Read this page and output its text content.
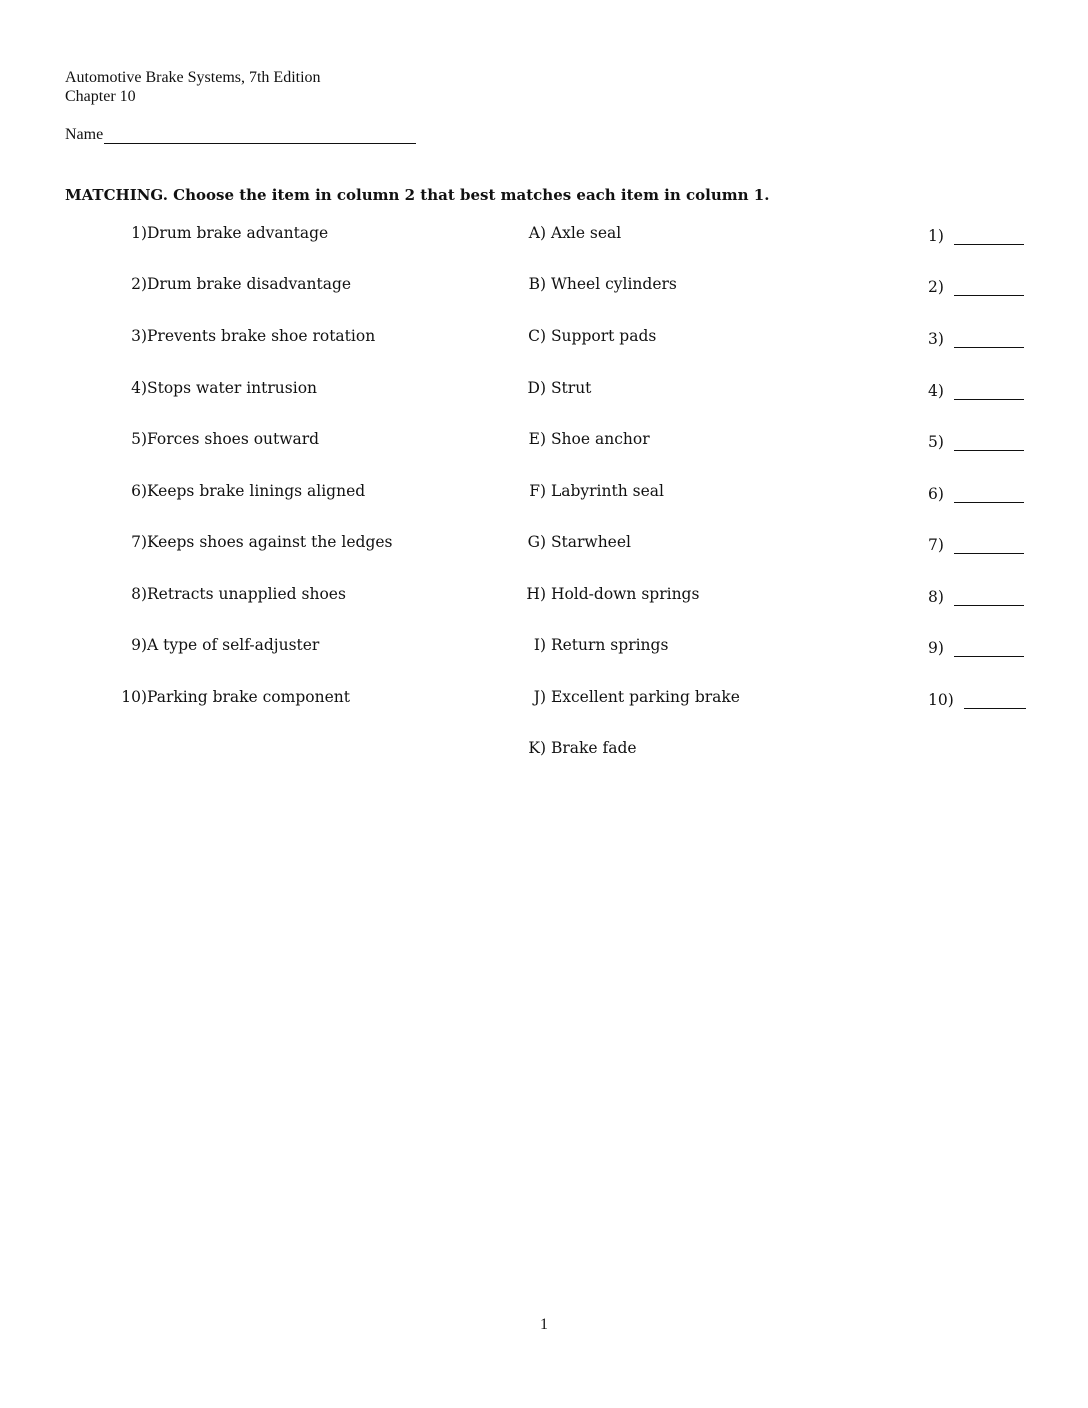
Automotive Brake Systems, 7th Edition
Chapter 10
Name
MATCHING. Choose the item in column 2 that best matches each item in column 1.
1) Drum brake advantage	A) Axle seal	1)
2) Drum brake disadvantage	B) Wheel cylinders	2)
3) Prevents brake shoe rotation	C) Support pads	3)
4) Stops water intrusion	D) Strut	4)
5) Forces shoes outward	E) Shoe anchor	5)
6) Keeps brake linings aligned	F) Labyrinth seal	6)
7) Keeps shoes against the ledges	G) Starwheel	7)
8) Retracts unapplied shoes	H) Hold-down springs	8)
9) A type of self-adjuster	I) Return springs	9)
10) Parking brake component	J) Excellent parking brake	10)
K) Brake fade
1
